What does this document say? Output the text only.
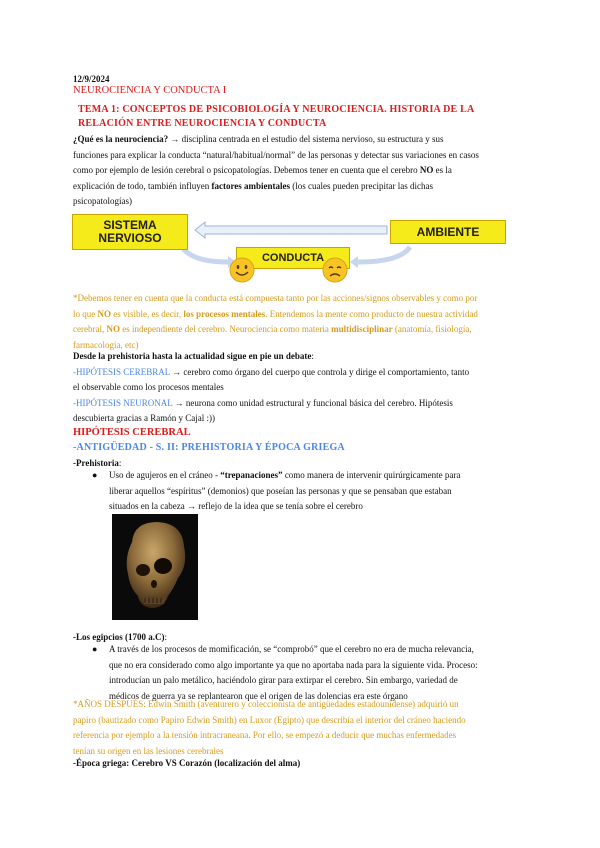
12/9/2024
NEUROCIENCIA Y CONDUCTA I
TEMA 1: CONCEPTOS DE PSICOBIOLOGÍA Y NEUROCIENCIA. HISTORIA DE LA
RELACIÓN ENTRE NEUROCIENCIA Y CONDUCTA
¿Qué es la neurociencia? → disciplina centrada en el estudio del sistema nervioso, su estructura y sus
funciones para explicar la conducta “natural/habitual/normal” de las personas y detectar sus variaciones en casos
como por ejemplo de lesión cerebral o psicopatologías. Debemos tener en cuenta que el cerebro NO es la
explicación de todo, también influyen factores ambientales (los cuales pueden precipitar las dichas
psicopatologías)
SISTEMA
NERVIOSO	AMBIENTE
CONDUCTA
*Debemos tener en cuenta que la conducta está compuesta tanto por las acciones/signos observables y como por
lo que NO es visible, es decir, los procesos mentales. Entendemos la mente como producto de nuestra actividad
cerebral, NO es independiente del cerebro. Neurociencia como materia multidisciplinar (anatomía, fisiología,
farmacología, etc)
Desde la prehistoria hasta la actualidad sigue en pie un debate:
-HIPÓTESIS CEREBRAL → cerebro como órgano del cuerpo que controla y dirige el comportamiento, tanto
el observable como los procesos mentales
-HIPÓTESIS NEURONAL → neurona como unidad estructural y funcional básica del cerebro. Hipótesis
descubierta gracias a Ramón y Cajal :))
HIPÓTESIS CEREBRAL
-ANTIGÜEDAD - S. II: PREHISTORIA Y ÉPOCA GRIEGA
-Prehistoria:
● Uso de agujeros en el cráneo - “trepanaciones” como manera de intervenir quirúrgicamente para
liberar aquellos “espíritus” (demonios) que poseían las personas y que se pensaban que estaban
situados en la cabeza → reflejo de la idea que se tenía sobre el cerebro
-Los egipcios (1700 a.C):
● A través de los procesos de momificación, se “comprobó” que el cerebro no era de mucha relevancia,
que no era considerado como algo importante ya que no aportaba nada para la siguiente vida. Proceso:
introducían un palo metálico, haciéndolo girar para extirpar el cerebro. Sin embargo, variedad de
médicos de guerra ya se replantearon que el origen de las dolencias era este órgano
*AÑOS DESPUÉS: Edwin Smith (aventurero y coleccionista de antigüedades estadounidense) adquirió un
papiro (bautizado como Papiro Edwin Smith) en Luxor (Egipto) que describía el interior del cráneo haciendo
referencia por ejemplo a la tensión intracraneana. Por ello, se empezó a deducir que muchas enfermedades
tenían su origen en las lesiones cerebrales
-Época griega: Cerebro VS Corazón (localización del alma)
